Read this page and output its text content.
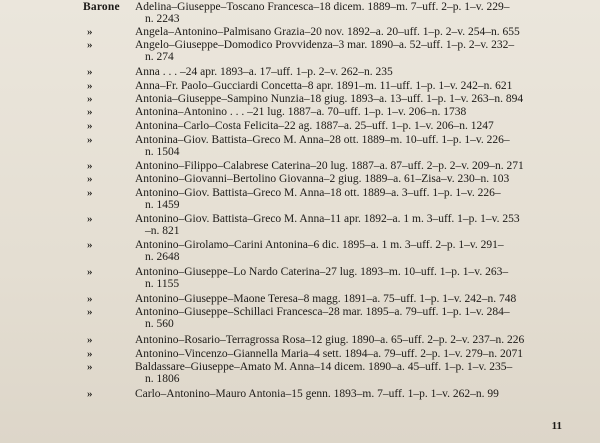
Barone Adelina–Giuseppe–Toscano Francesca–18 dicem. 1889–m. 7–uff. 2–p. 1–v. 229–
n. 2243
»	Angela–Antonino–Palmisano Grazia–20 nov. 1892–a. 20–uff. 1–p. 2–v. 254–n. 655
»	Angelo–Giuseppe–Domodico Provvidenza–3 mar. 1890–a. 52–uff. 1–p. 2–v. 232–
n. 274
»	Anna . . . –24 apr. 1893–a. 17–uff. 1–p. 2–v. 262–n. 235
»	Anna–Fr. Paolo–Gucciardi Concetta–8 apr. 1891–m. 11–uff. 1–p. 1–v. 242–n. 621
»	Antonia–Giuseppe–Sampino Nunzia–18 giug. 1893–a. 13–uff. 1–p. 1–v. 263–n. 894
»	Antonina–Antonino . . . –21 lug. 1887–a. 70–uff. 1–p. 1–v. 206–n. 1738
»	Antonina–Carlo–Costa Felicita–22 ag. 1887–a. 25–uff. 1–p. 1–v. 206–n. 1247
»	Antonina–Giov. Battista–Greco M. Anna–28 ott. 1889–m. 10–uff. 1–p. 1–v. 226–
n. 1504
»	Antonino–Filippo–Calabrese Caterina–20 lug. 1887–a. 87–uff. 2–p. 2–v. 209–n. 271
»	Antonino–Giovanni–Bertolino Giovanna–2 giug. 1889–a. 61–Zisa–v. 230–n. 103
»	Antonino–Giov. Battista–Greco M. Anna–18 ott. 1889–a. 3–uff. 1–p. 1–v. 226–
n. 1459
»	Antonino–Giov. Battista–Greco M. Anna–11 apr. 1892–a. 1 m. 3–uff. 1–p. 1–v. 253
–n. 821
»	Antonino–Girolamo–Carini Antonina–6 dic. 1895–a. 1 m. 3–uff. 2–p. 1–v. 291–
n. 2648
»	Antonino–Giuseppe–Lo Nardo Caterina–27 lug. 1893–m. 10–uff. 1–p. 1–v. 263–
n. 1155
»	Antonino–Giuseppe–Maone Teresa–8 magg. 1891–a. 75–uff. 1–p. 1–v. 242–n. 748
»	Antonino–Giuseppe–Schillaci Francesca–28 mar. 1895–a. 79–uff. 1–p. 1–v. 284–
n. 560
»	Antonino–Rosario–Terragrossa Rosa–12 giug. 1890–a. 65–uff. 2–p. 2–v. 237–n. 226
»	Antonino–Vincenzo–Giannella Maria–4 sett. 1894–a. 79–uff. 2–p. 1–v. 279–n. 2071
»	Baldassare–Giuseppe–Amato M. Anna–14 dicem. 1890–a. 45–uff. 1–p. 1–v. 235–
n. 1806
»	Carlo–Antonino–Mauro Antonia–15 genn. 1893–m. 7–uff. 1–p. 1–v. 262–n. 99
11
